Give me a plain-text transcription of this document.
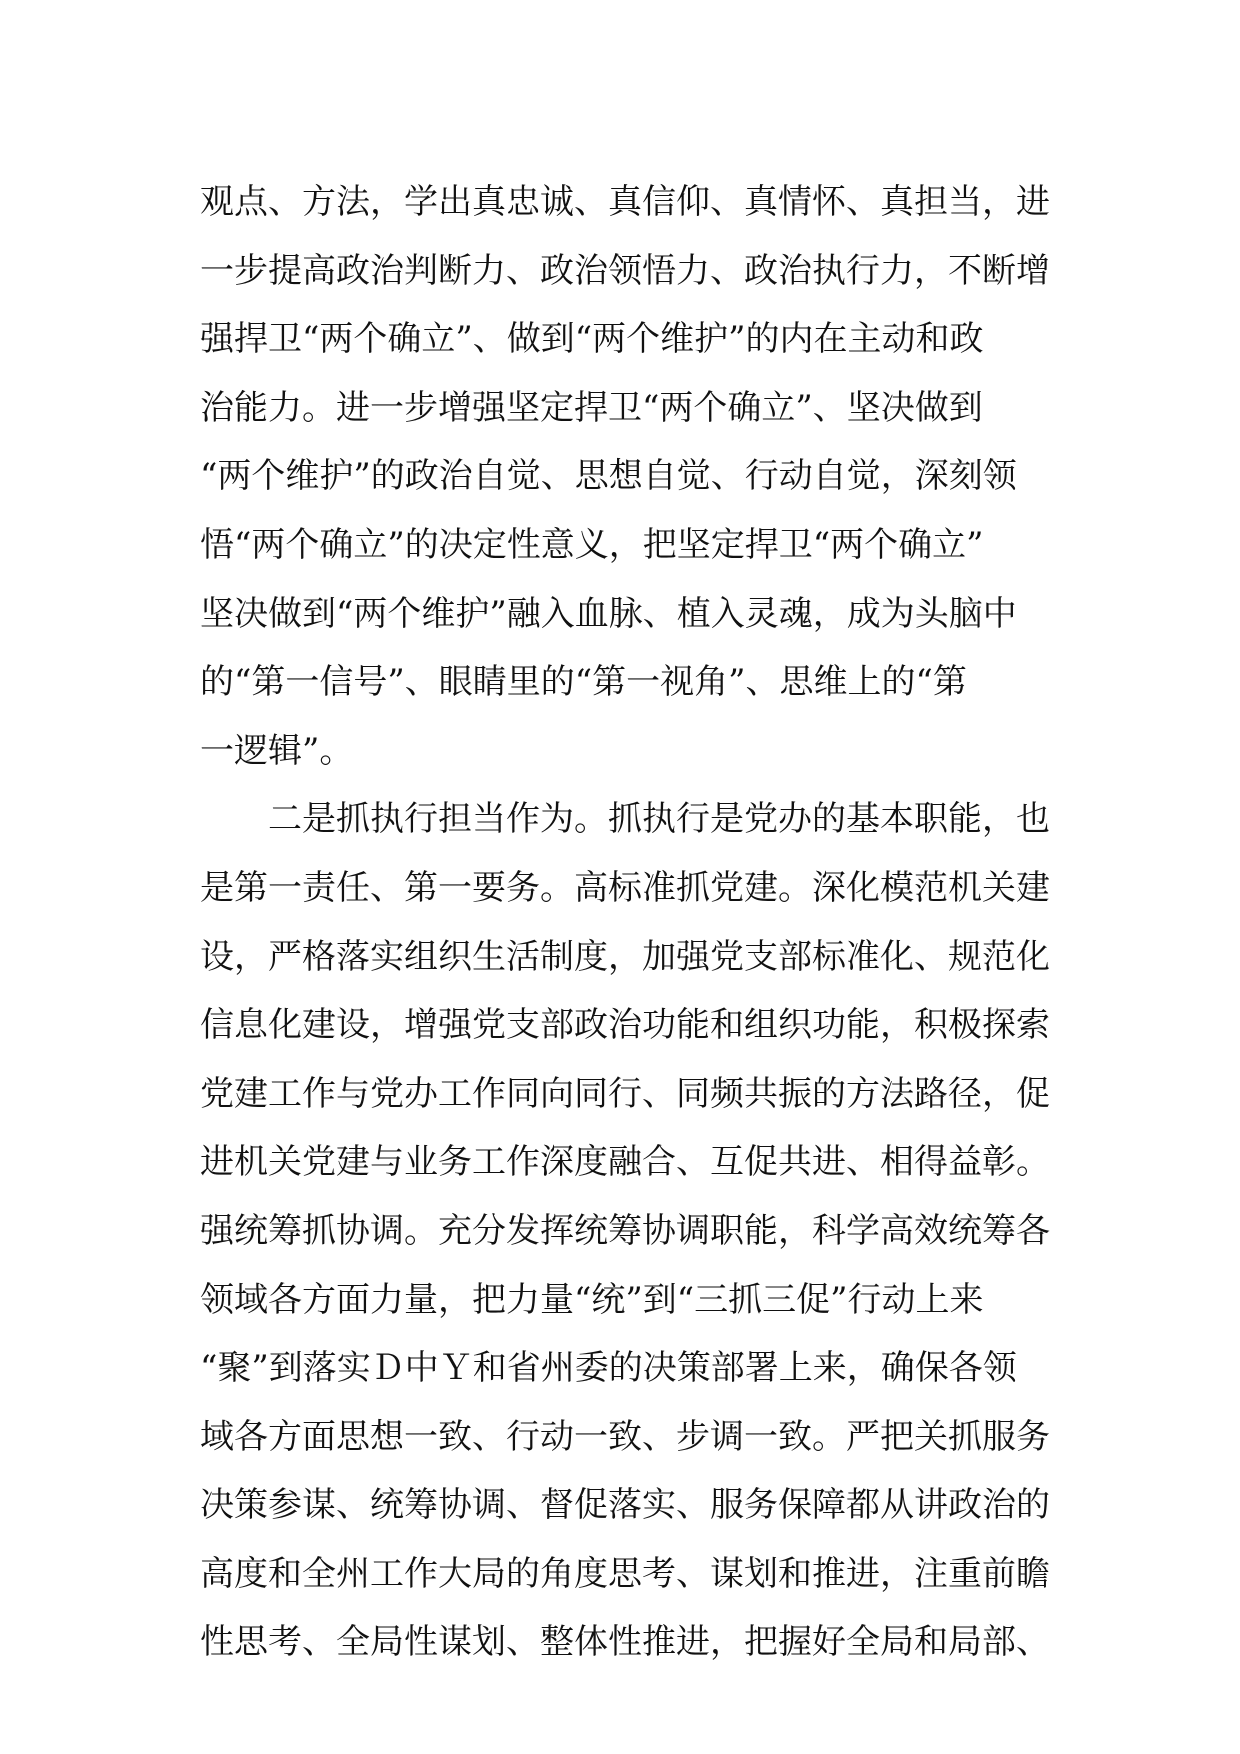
观点、方法，学出真忠诚、真信仰、真情怀、真担当，进
一步提高政治判断力、政治领悟力、政治执行力，不断增
强捍卫“两个确立”、做到“两个维护”的内在主动和政
治能力。进一步增强坚定捍卫“两个确立”、坚决做到
“两个维护”的政治自觉、思想自觉、行动自觉，深刻领
悟“两个确立”的决定性意义，把坚定捍卫“两个确立”
坚决做到“两个维护”融入血脉、植入灵魂，成为头脑中
的“第一信号”、眼睛里的“第一视角”、思维上的“第
一逻辑”。
　　二是抓执行担当作为。抓执行是党办的基本职能，也
是第一责任、第一要务。高标准抓党建。深化模范机关建
设，严格落实组织生活制度，加强党支部标准化、规范化
信息化建设，增强党支部政治功能和组织功能，积极探索
党建工作与党办工作同向同行、同频共振的方法路径，促
进机关党建与业务工作深度融合、互促共进、相得益彰。
强统筹抓协调。充分发挥统筹协调职能，科学高效统筹各
领域各方面力量，把力量“统”到“三抓三促”行动上来
“聚”到落实Ｄ中Ｙ和省州委的决策部署上来，确保各领
域各方面思想一致、行动一致、步调一致。严把关抓服务
决策参谋、统筹协调、督促落实、服务保障都从讲政治的
高度和全州工作大局的角度思考、谋划和推进，注重前瞻
性思考、全局性谋划、整体性推进，把握好全局和局部、
